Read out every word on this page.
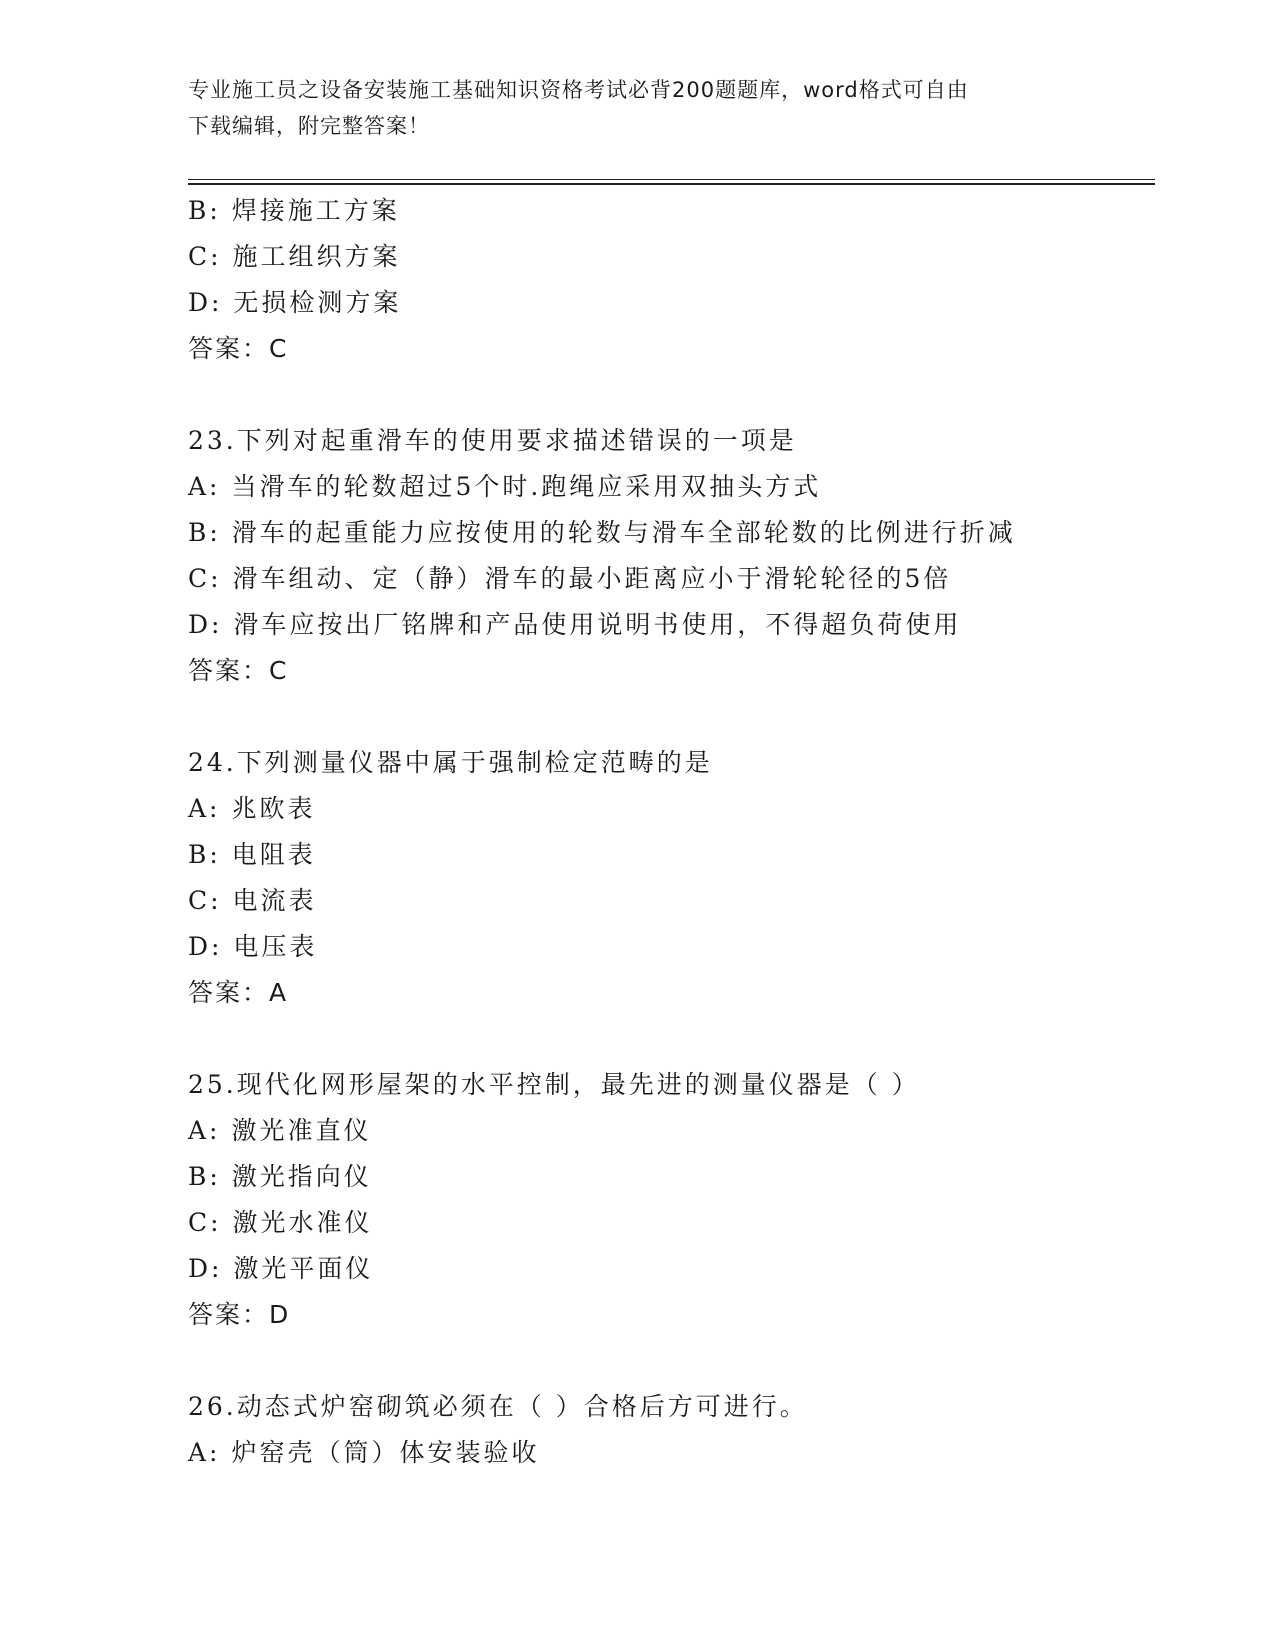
专业施工员之设备安装施工基础知识资格考试必背200题题库，word格式可自由
下载编辑，附完整答案！
B: 焊接施工方案
C: 施工组织方案
D: 无损检测方案
答案：C
23.下列对起重滑车的使用要求描述错误的一项是
A: 当滑车的轮数超过5个时.跑绳应采用双抽头方式
B: 滑车的起重能力应按使用的轮数与滑车全部轮数的比例进行折减
C: 滑车组动、定（静）滑车的最小距离应小于滑轮轮径的5倍
D: 滑车应按出厂铭牌和产品使用说明书使用，不得超负荷使用
答案：C
24.下列测量仪器中属于强制检定范畴的是
A: 兆欧表
B: 电阻表
C: 电流表
D: 电压表
答案：A
25.现代化网形屋架的水平控制，最先进的测量仪器是（ ）
A: 激光准直仪
B: 激光指向仪
C: 激光水准仪
D: 激光平面仪
答案：D
26.动态式炉窑砌筑必须在（ ）合格后方可进行。
A: 炉窑壳（筒）体安装验收
